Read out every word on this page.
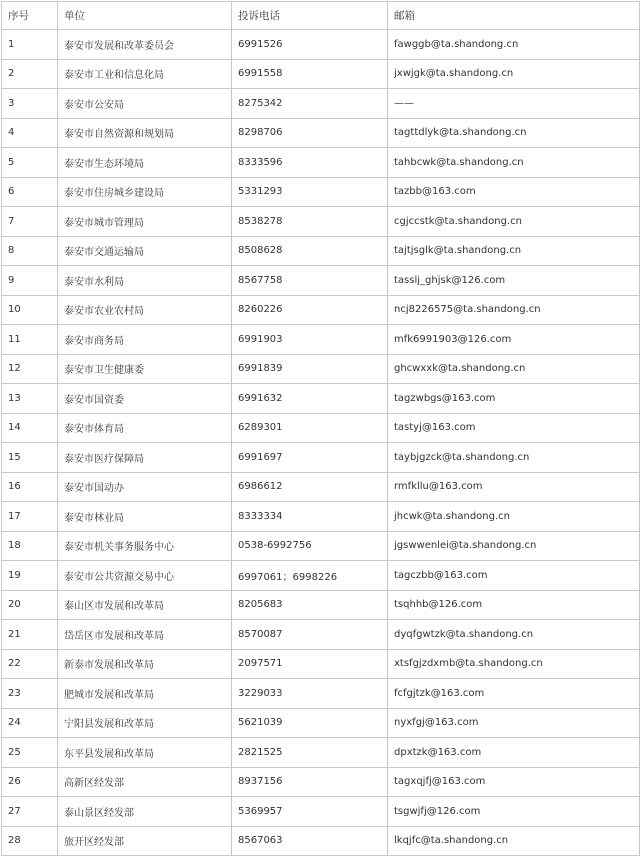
序号	单位	投诉电话	邮箱
1	泰安市发展和改革委员会	6991526	fawggb@ta.shandong.cn
2	泰安市工业和信息化局	6991558	jxwjgk@ta.shandong.cn
3	泰安市公安局	8275342	——
4	泰安市自然资源和规划局	8298706	tagttdlyk@ta.shandong.cn
5	泰安市生态环境局	8333596	tahbcwk@ta.shandong.cn
6	泰安市住房城乡建设局	5331293	tazbb@163.com
7	泰安市城市管理局	8538278	cgjccstk@ta.shandong.cn
8	泰安市交通运输局	8508628	tajtjsglk@ta.shandong.cn
9	泰安市水利局	8567758	tasslj_ghjsk@126.com
10	泰安市农业农村局	8260226	ncj8226575@ta.shandong.cn
11	泰安市商务局	6991903	mfk6991903@126.com
12	泰安市卫生健康委	6991839	ghcwxxk@ta.shandong.cn
13	泰安市国资委	6991632	tagzwbgs@163.com
14	泰安市体育局	6289301	tastyj@163.com
15	泰安市医疗保障局	6991697	taybjgzck@ta.shandong.cn
16	泰安市国动办	6986612	rmfkllu@163.com
17	泰安市林业局	8333334	jhcwk@ta.shandong.cn
18	泰安市机关事务服务中心	0538-6992756	jgswwenlei@ta.shandong.cn
19	泰安市公共资源交易中心	6997061；6998226	tagczbb@163.com
20	泰山区市发展和改革局	8205683	tsqhhb@126.com
21	岱岳区市发展和改革局	8570087	dyqfgwtzk@ta.shandong.cn
22	新泰市发展和改革局	2097571	xtsfgjzdxmb@ta.shandong.cn
23	肥城市发展和改革局	3229033	fcfgjtzk@163.com
24	宁阳县发展和改革局	5621039	nyxfgj@163.com
25	东平县发展和改革局	2821525	dpxtzk@163.com
26	高新区经发部	8937156	tagxqjfj@163.com
27	泰山景区经发部	5369957	tsgwjfj@126.com
28	旅开区经发部	8567063	lkqjfc@ta.shandong.cn
